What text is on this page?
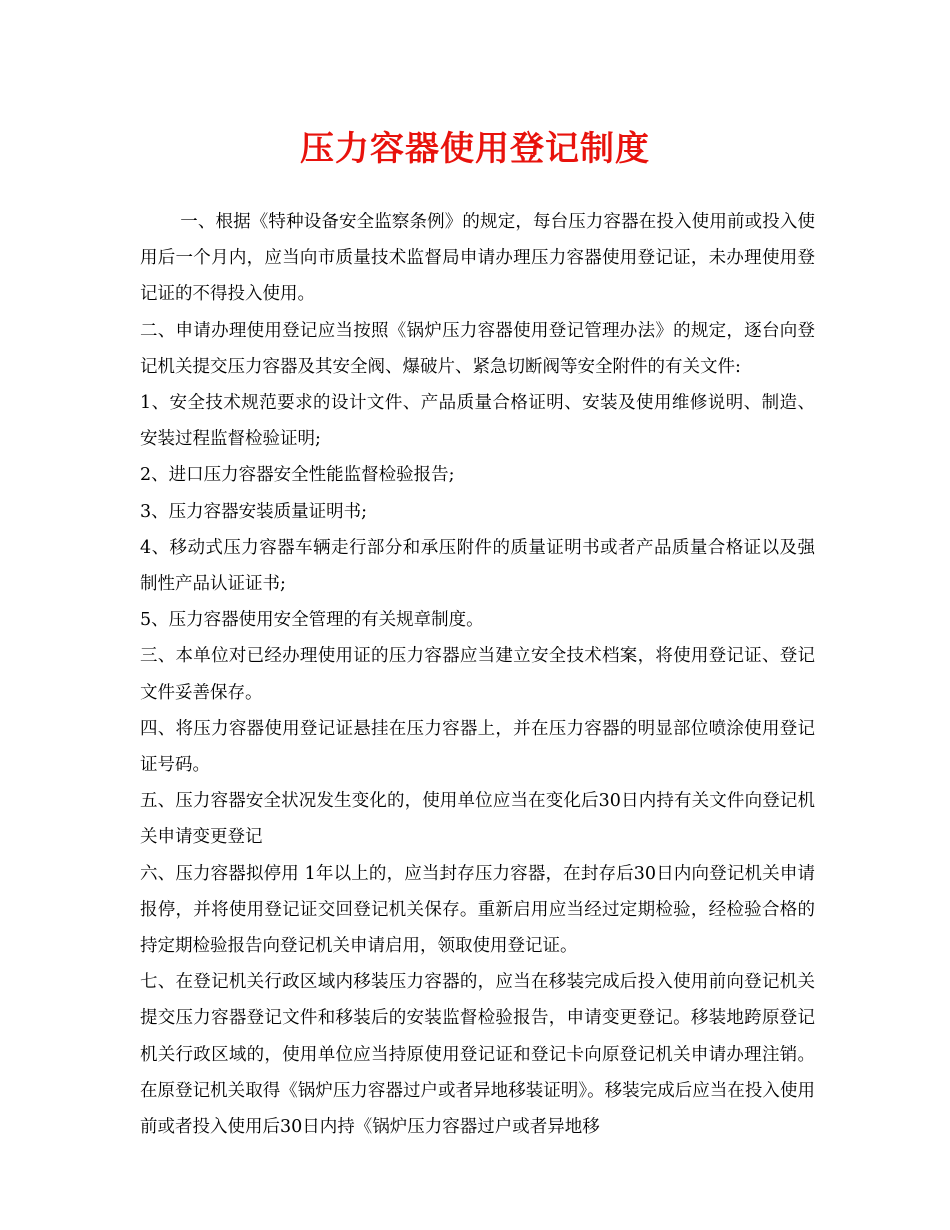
压力容器使用登记制度

一、根据《特种设备安全监察条例》的规定，每台压力容器在投入使用前或投入使用后一个月内，应当向市质量技术监督局申请办理压力容器使用登记证，未办理使用登记证的不得投入使用。

二、申请办理使用登记应当按照《锅炉压力容器使用登记管理办法》的规定，逐台向登记机关提交压力容器及其安全阀、爆破片、紧急切断阀等安全附件的有关文件:

1、安全技术规范要求的设计文件、产品质量合格证明、安装及使用维修说明、制造、安装过程监督检验证明;

2、进口压力容器安全性能监督检验报告;

3、压力容器安装质量证明书;

4、移动式压力容器车辆走行部分和承压附件的质量证明书或者产品质量合格证以及强制性产品认证证书;

5、压力容器使用安全管理的有关规章制度。

三、本单位对已经办理使用证的压力容器应当建立安全技术档案，将使用登记证、登记文件妥善保存。

四、将压力容器使用登记证悬挂在压力容器上，并在压力容器的明显部位喷涂使用登记证号码。

五、压力容器安全状况发生变化的，使用单位应当在变化后30日内持有关文件向登记机关申请变更登记

六、压力容器拟停用 1年以上的，应当封存压力容器，在封存后30日内向登记机关申请报停，并将使用登记证交回登记机关保存。重新启用应当经过定期检验，经检验合格的持定期检验报告向登记机关申请启用，领取使用登记证。

七、在登记机关行政区域内移装压力容器的，应当在移装完成后投入使用前向登记机关提交压力容器登记文件和移装后的安装监督检验报告，申请变更登记。移装地跨原登记机关行政区域的，使用单位应当持原使用登记证和登记卡向原登记机关申请办理注销。在原登记机关取得《锅炉压力容器过户或者异地移装证明》。移装完成后应当在投入使用前或者投入使用后30日内持《锅炉压力容器过户或者异地移
